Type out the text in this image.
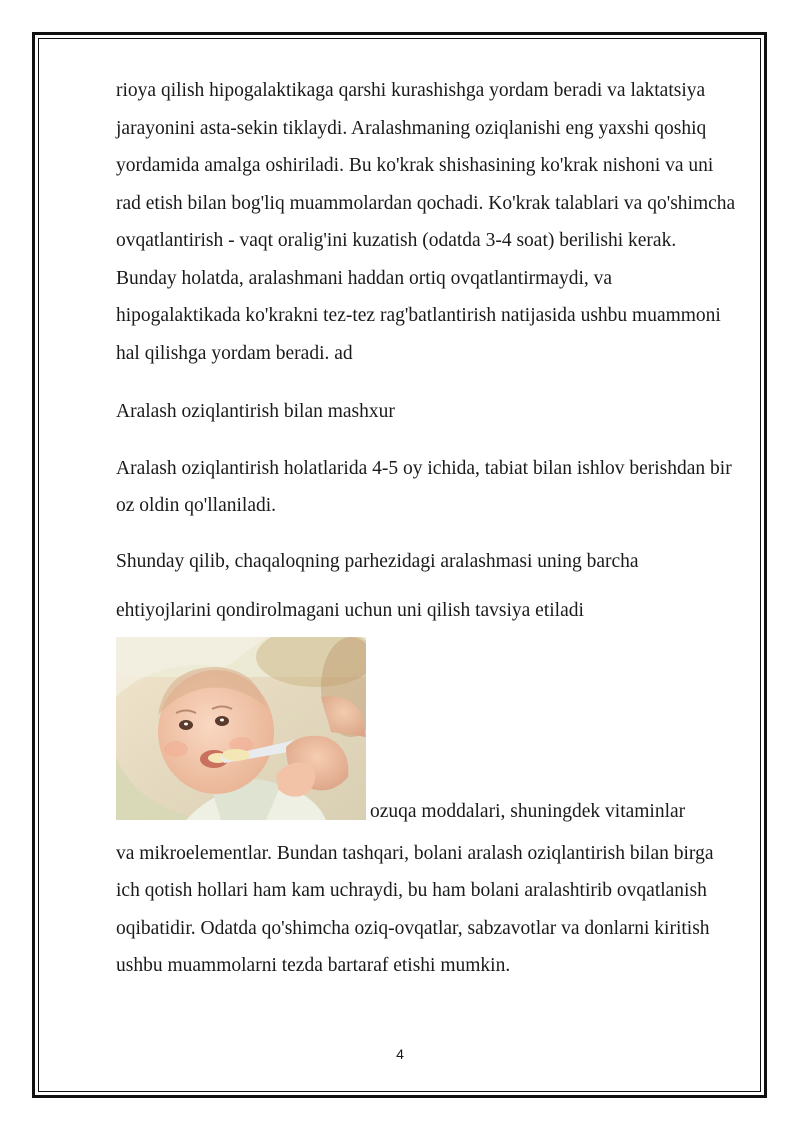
rioya qilish hipogalaktikaga qarshi kurashishga yordam beradi va laktatsiya jarayonini asta-sekin tiklaydi. Aralashmaning oziqlanishi eng yaxshi qoshiq yordamida amalga oshiriladi. Bu ko'krak shishasining ko'krak nishoni va uni rad etish bilan bog'liq muammolardan qochadi. Ko'krak talablari va qo'shimcha ovqatlantirish - vaqt oralig'ini kuzatish (odatda 3-4 soat) berilishi kerak. Bunday holatda, aralashmani haddan ortiq ovqatlantirmaydi, va hipogalaktikada ko'krakni tez-tez rag'batlantirish natijasida ushbu muammoni hal qilishga yordam beradi. ad

Aralash oziqlantirish bilan mashxur

Aralash oziqlantirish holatlarida 4-5 oy ichida, tabiat bilan ishlov berishdan bir oz oldin qo'llaniladi.

Shunday qilib, chaqaloqning parhezidagi aralashmasi uning barcha ehtiyojlarini qondirolmagani uchun uni qilish tavsiya etiladi

ozuqa moddalari, shuningdek vitaminlar

va mikroelementlar. Bundan tashqari, bolani aralash oziqlantirish bilan birga ich qotish hollari ham kam uchraydi, bu ham bolani aralashtirib ovqatlanish oqibatidir. Odatda qo'shimcha oziq-ovqatlar, sabzavotlar va donlarni kiritish ushbu muammolarni tezda bartaraf etishi mumkin.

4
